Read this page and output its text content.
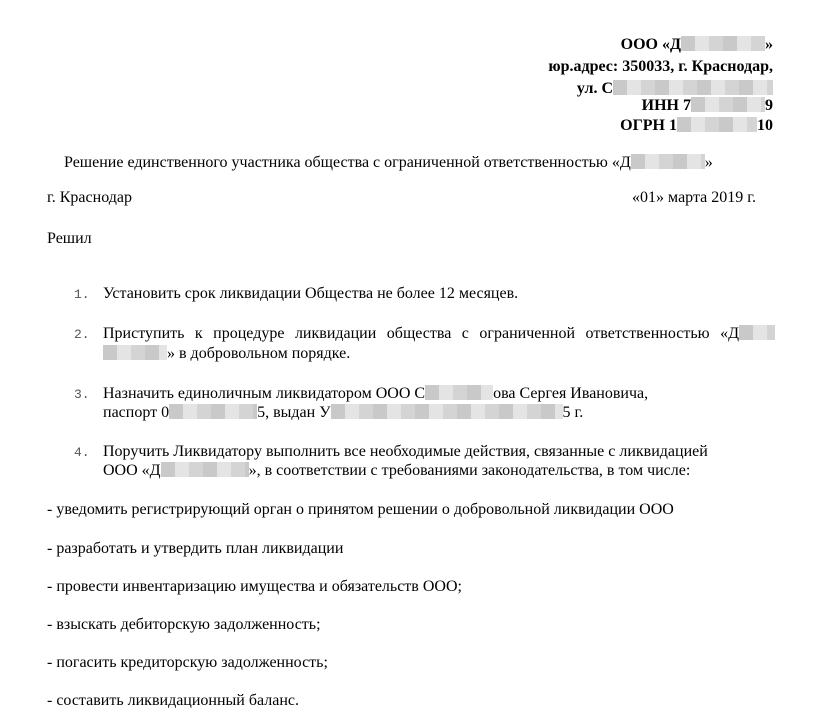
ООО «Д	»
юр.адрес: 350033, г. Краснодар,
ул. С
ИНН 7	9
ОГРН 1	10
Решение единственного участника общества с ограниченной ответственностью «Д	»
г. Краснодар	«01» марта 2019 г.
Решил
1. Установить срок ликвидации Общества не более 12 месяцев.
2. Приступить к процедуре ликвидации общества с ограниченной ответственностью «Д
» в добровольном порядке.
3. Назначить единоличным ликвидатором ООО С	ова Сергея Ивановича,
паспорт 0	5, выдан У	5 г.
4. Поручить Ликвидатору выполнить все необходимые действия, связанные с ликвидацией
ООО «Д	», в соответствии с требованиями законодательства, в том числе:
- уведомить регистрирующий орган о принятом решении о добровольной ликвидации ООО
- разработать и утвердить план ликвидации
- провести инвентаризацию имущества и обязательств ООО;
- взыскать дебиторскую задолженность;
- погасить кредиторскую задолженность;
- составить ликвидационный баланс.
